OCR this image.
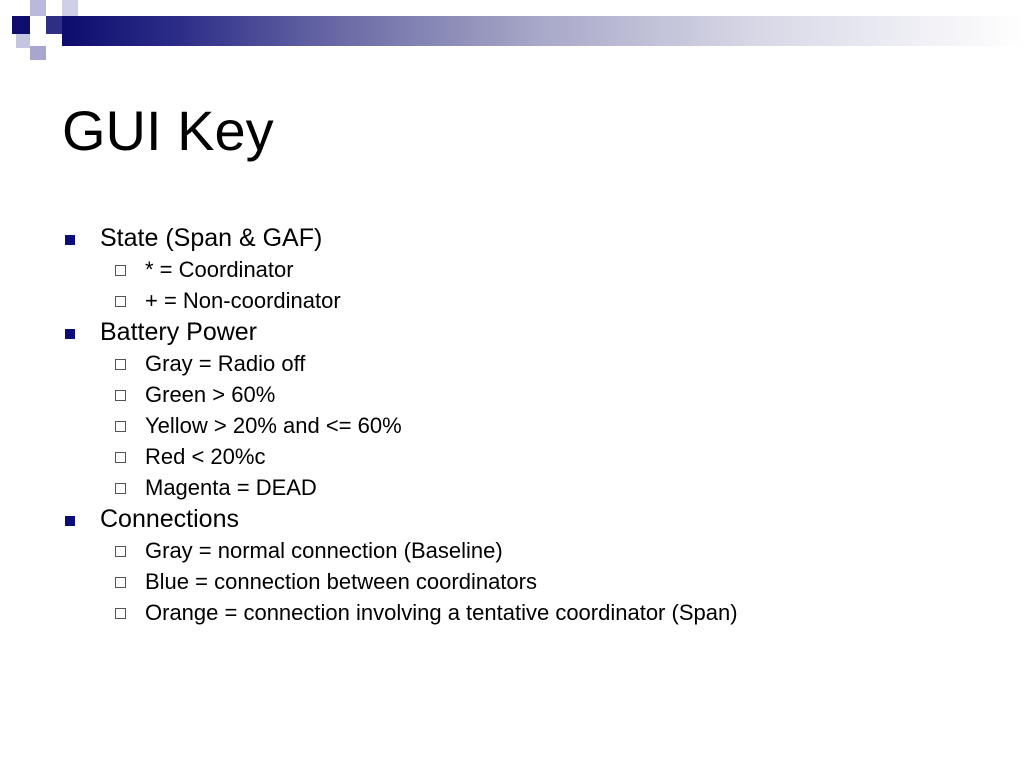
GUI Key
State (Span & GAF)
* = Coordinator
+ = Non-coordinator
Battery Power
Gray = Radio off
Green > 60%
Yellow > 20% and <= 60%
Red < 20%c
Magenta = DEAD
Connections
Gray = normal connection (Baseline)
Blue = connection between coordinators
Orange = connection involving a tentative coordinator (Span)
